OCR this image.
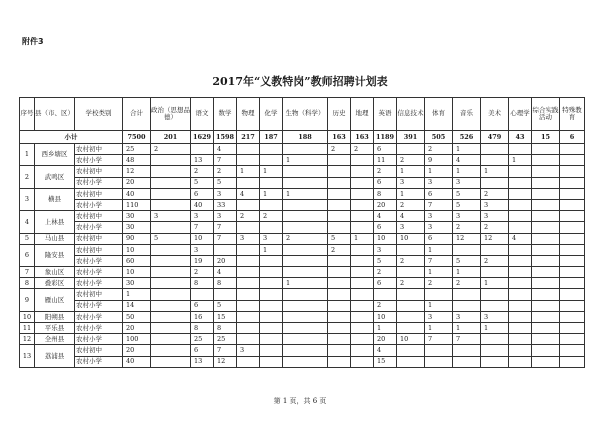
附件3
2017年“义教特岗”教师招聘计划表
序号	县（市、区）	学校类别	合计	政治（思想品德）	语文	数学	物理	化学	生物（科学）	历史	地理	英语	信息技术	体育	音乐	美术	心理学	综合实践活动	特殊教育
小计			7500	201	1629	1598	217	187	188	163	163	1189	391	505	526	479	43	15	6
1	西乡塘区	农村初中	25	2		4				2	2	6		2	1				
		农村小学	48		13	7			1			11	2	9	4		1		
2	武鸣区	农村初中	12		2	2	1	1				2	1	1	1	1			
		农村小学	20		5	5						6	3	3	3				
3	横县	农村初中	40		6	3	4	1	1			8	1	6	5	2			
		农村小学	110		40	33						20	2	7	5	3			
4	上林县	农村初中	30	3	3	3	2	2				4	4	3	3	3			
		农村小学	30		7	7						6	3	3	2	2			
5	马山县	农村初中	90	5	10	7	3	3	2	5	1	10	10	6	12	12	4		
6	隆安县	农村初中	10		3			1		2		3		1					
		农村小学	60		19	20						5	2	7	5	2			
7	象山区	农村小学	10		2	4						2		1	1				
8	叠彩区	农村小学	30		8	8			1			6	2	2	2	1			
9	雁山区	农村初中	1																
		农村小学	14		6	5						2		1					
10	阳朔县	农村小学	50		16	15						10		3	3	3			
11	平乐县	农村小学	20		8	8						1		1	1	1			
12	全州县	农村小学	100		25	25						20	10	7	7				
13	荔浦县	农村初中	20		6	7	3					4							
		农村小学	40		13	12						15							
第 1 页，共 6 页
